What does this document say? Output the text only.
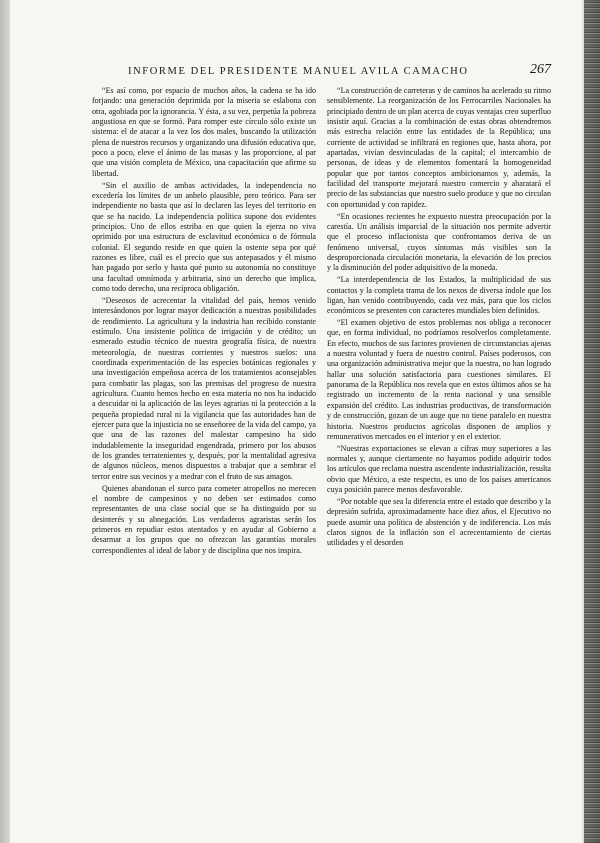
INFORME DEL PRESIDENTE MANUEL AVILA CAMACHO	267

“Es así como, por espacio de muchos años, la cadena se ha ido forjando: una generación deprimida por la miseria se eslabona con otra, agobiada por la ignorancia. Y ésta, a su vez, perpetúa la pobreza angustiosa en que se formó. Para romper este círculo sólo existe un sistema: el de atacar a la vez los dos males, buscando la utilización plena de nuestros recursos y organizando una difusión educativa que, poco a poco, eleve el ánimo de las masas y las proporcione, al par que una visión completa de México, una capacitación que afirme su libertad.

“Sin el auxilio de ambas actividades, la independencia no excedería los límites de un anhelo plausible, pero teórico. Para ser independiente no basta que así lo declaren las leyes del territorio en que se ha nacido. La independencia política supone dos evidentes principios. Uno de ellos estriba en que quien la ejerza no viva oprimido por una estructura de esclavitud económica o de fórmula colonial. El segundo reside en que quien la ostente sepa por qué razones es libre, cuál es el precio que sus antepasados y él mismo han pagado por serlo y hasta qué punto su autonomía no constituye una facultad omnímoda y arbitraria, sino un derecho que implica, como todo derecho, una recíproca obligación.

“Deseosos de acrecentar la vitalidad del país, hemos venido interesándonos por lograr mayor dedicación a nuestras posibilidades de rendimiento. La agricultura y la industria han recibido constante estímulo. Una insistente política de irrigación y de crédito; un esmerado estudio técnico de nuestra geografía física, de nuestra meteorología, de nuestras corrientes y nuestros suelos: una coordinada experimentación de las especies botánicas regionales y una investigación empeñosa acerca de los tratamientos aconsejables para combatir las plagas, son las premisas del progreso de nuestra agricultura. Cuanto hemos hecho en esta materia no nos ha inducido a descuidar ni la aplicación de las leyes agrarias ni la protección a la pequeña propiedad rural ni la vigilancia que las autoridades han de ejercer para que la injusticia no se enseñoree de la vida del campo, ya que una de las razones del malestar campesino ha sido indudablemente la inseguridad engendrada, primero por los abusos de los grandes terratenientes y, después, por la mentalidad agresiva de algunos núcleos, menos dispuestos a trabajar que a sembrar el terror entre sus vecinos y a medrar con el fruto de sus amagos.

Quienes abandonan el surco para cometer atropellos no merecen el nombre de campesinos y no deben ser estimados como representantes de una clase social que se ha distinguido por su desinterés y su abnegación. Los verdaderos agraristas serán los primeros en repudiar estos atentados y en ayudar al Gobierno a desarmar a los grupos que no ofrezcan las garantías morales correspondientes al ideal de labor y de disciplina que nos inspira.

“La construcción de carreteras y de caminos ha acelerado su ritmo sensiblemente. La reorganización de los Ferrocarriles Nacionales ha principiado dentro de un plan acerca de cuyas ventajas creo superfluo insistir aquí. Gracias a la combinación de estas obras obtendremos más estrecha relación entre las entidades de la República; una corriente de actividad se infiltrará en regiones que, hasta ahora, por apartadas, vivían desvinculadas de la capital; el intercambio de personas, de ideas y de elementos fomentará la homogeneidad popular que por tantos conceptos ambicionamos y, además, la facilidad del transporte mejorará nuestro comercio y abaratará el precio de las substancias que nuestro suelo produce y que no circulan con oportunidad y con rapidez.

“En ocasiones recientes he expuesto nuestra preocupación por la carestía. Un análisis imparcial de la situación nos permite advertir que el proceso inflacionista que confrontamos deriva de un fenómeno universal, cuyos síntomas más visibles son la desproporcionada circulación monetaria, la elevación de los precios y la disminución del poder adquisitivo de la moneda.

“La interdependencia de los Estados, la multiplicidad de sus contactos y la completa trama de los nexos de diversa índole que los ligan, han venido contribuyendo, cada vez más, para que los ciclos económicos se presenten con caracteres mundiales bien definidos.

“El examen objetivo de estos problemas nos obliga a reconocer que, en forma individual, no podríamos resolverlos completamente. En efecto, muchos de sus factores provienen de circunstancias ajenas a nuestra voluntad y fuera de nuestro control. Países poderosos, con una organización administrativa mejor que la nuestra, no han logrado hallar una solución satisfactoria para cuestiones similares. El panorama de la República nos revela que en estos últimos años se ha registrado un incremento de la renta nacional y una sensible expansión del crédito. Las industrias productivas, de transformación y de construcción, gozan de un auge que no tiene paralelo en nuestra historia. Nuestros productos agrícolas disponen de amplios y remunerativos mercados en el interior y en el exterior.

“Nuestras exportaciones se elevan a cifras muy superiores a las normales y, aunque ciertamente no hayamos podido adquirir todos los artículos que reclama nuestra ascendente industrialización, resulta obvio que México, a este respecto, es uno de los países americanos cuya posición parece menos desfavorable.

“Por notable que sea la diferencia entre el estado que describo y la depresión sufrida, aproximadamente hace diez años, el Ejecutivo no puede asumir una política de abstención y de indiferencia. Los más claros signos de la inflación son el acrecentamiento de ciertas utilidades y el desorden
